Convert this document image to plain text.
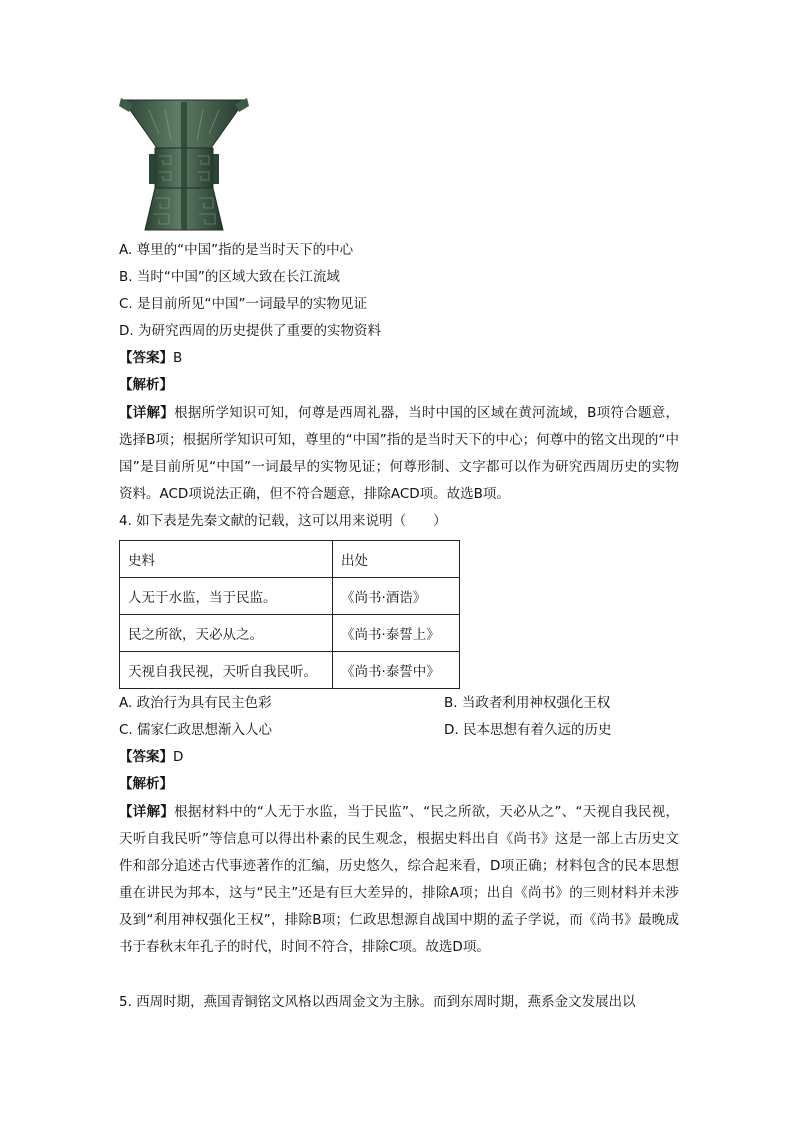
A. 尊里的“中国”指的是当时天下的中心
B. 当时“中国”的区域大致在长江流域
C. 是目前所见“中国”一词最早的实物见证
D. 为研究西周的历史提供了重要的实物资料
【答案】B
【解析】
【详解】根据所学知识可知，何尊是西周礼器，当时中国的区域在黄河流域，B项符合题意，选择B项；根据所学知识可知，尊里的“中国”指的是当时天下的中心；何尊中的铭文出现的“中国”是目前所见“中国”一词最早的实物见证；何尊形制、文字都可以作为研究西周历史的实物资料。ACD项说法正确，但不符合题意，排除ACD项。故选B项。
4. 如下表是先秦文献的记载，这可以用来说明（　　）
史料	出处
人无于水监，当于民监。	《尚书·酒诰》
民之所欲，天必从之。	《尚书·泰誓上》
天视自我民视，天听自我民听。	《尚书·泰誓中》
A. 政治行为具有民主色彩	B. 当政者利用神权强化王权
C. 儒家仁政思想渐入人心	D. 民本思想有着久远的历史
【答案】D
【解析】
【详解】根据材料中的“人无于水监，当于民监”、“民之所欲，天必从之”、“天视自我民视，天听自我民听”等信息可以得出朴素的民生观念，根据史料出自《尚书》这是一部上古历史文件和部分追述古代事迹著作的汇编，历史悠久，综合起来看，D项正确；材料包含的民本思想重在讲民为邦本，这与“民主”还是有巨大差异的，排除A项；出自《尚书》的三则材料并未涉及到“利用神权强化王权”，排除B项；仁政思想源自战国中期的孟子学说，而《尚书》最晚成书于春秋末年孔子的时代，时间不符合，排除C项。故选D项。
5. 西周时期，燕国青铜铭文风格以西周金文为主脉。而到东周时期，燕系金文发展出以
